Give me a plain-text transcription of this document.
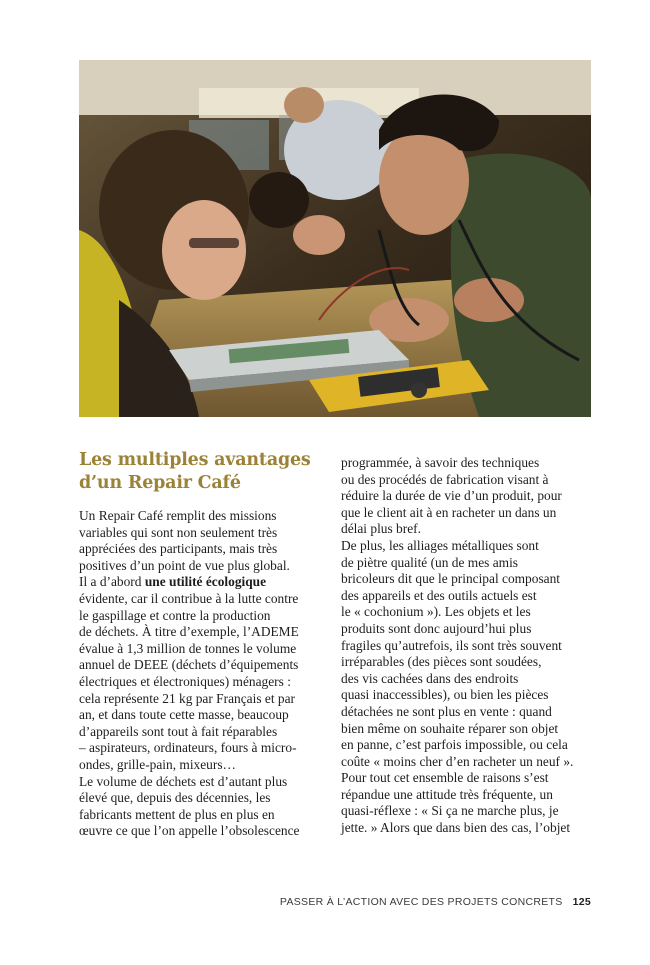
Les multiples avantages
d’un Repair Café
Un Repair Café remplit des missions
variables qui sont non seulement très
appréciées des participants, mais très
positives d’un point de vue plus global.
Il a d’abord une utilité écologique
évidente, car il contribue à la lutte contre
le gaspillage et contre la production
de déchets. À titre d’exemple, l’ADEME
évalue à 1,3 million de tonnes le volume
annuel de DEEE (déchets d’équipements
électriques et électroniques) ménagers :
cela représente 21 kg par Français et par
an, et dans toute cette masse, beaucoup
d’appareils sont tout à fait réparables
– aspirateurs, ordinateurs, fours à micro-
ondes, grille-pain, mixeurs…
Le volume de déchets est d’autant plus
élevé que, depuis des décennies, les
fabricants mettent de plus en plus en
œuvre ce que l’on appelle l’obsolescence
programmée, à savoir des techniques
ou des procédés de fabrication visant à
réduire la durée de vie d’un produit, pour
que le client ait à en racheter un dans un
délai plus bref.
De plus, les alliages métalliques sont
de piètre qualité (un de mes amis
bricoleurs dit que le principal composant
des appareils et des outils actuels est
le « cochonium »). Les objets et les
produits sont donc aujourd’hui plus
fragiles qu’autrefois, ils sont très souvent
irréparables (des pièces sont soudées,
des vis cachées dans des endroits
quasi inaccessibles), ou bien les pièces
détachées ne sont plus en vente : quand
bien même on souhaite réparer son objet
en panne, c’est parfois impossible, ou cela
coûte « moins cher d’en racheter un neuf ».
Pour tout cet ensemble de raisons s’est
répandue une attitude très fréquente, un
quasi-réflexe : « Si ça ne marche plus, je
jette. » Alors que dans bien des cas, l’objet
PASSER À L’ACTION AVEC DES PROJETS CONCRETS 125
